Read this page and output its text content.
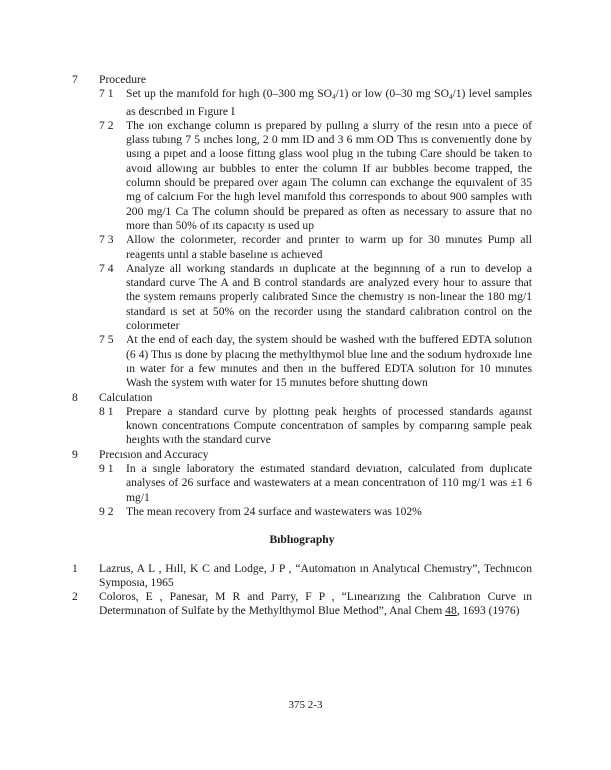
7 Procedure
7 1 Set up the manıfold for hıgh (0–300 mg $SO_4/1$) or low (0–30 mg $SO_4/1$) level samples as descrıbed ın Fıgure I
7 2 The ıon exchange column ıs prepared by pullıng a slurry of the resın ınto a pıece of glass tubıng 7 5 ınches long, 2 0 mm ID and 3 6 mm OD Thıs ıs convenıently done by usıng a pıpet and a loose fittıng glass wool plug ın the tubıng Care should be taken to avoıd allowıng aır bubbles to enter the column If aır bubbles become trapped, the column should be prepared over agaın The column can exchange the equıvalent of 35 mg of calcıum For the hıgh level manıfold thıs corresponds to about 900 samples wıth 200 mg/1 Ca The column should be prepared as often as necessary to assure that no more than 50% of ıts capacıty ıs used up
7 3 Allow the colorımeter, recorder and prınter to warm up for 30 mınutes Pump all reagents untıl a stable baselıne ıs achıeved
7 4 Analyze all workıng standards ın duplıcate at the begınnıng of a run to develop a standard curve The A and B control standards are analyzed every hour to assure that the system remaıns properly calıbrated Sınce the chemıstry ıs non-lınear the 180 mg/1 standard ıs set at 50% on the recorder usıng the standard calıbratıon control on the colorımeter
7 5 At the end of each day, the system should be washed wıth the buffered EDTA solutıon (6 4) Thıs ıs done by placıng the methylthymol blue lıne and the sodıum hydroxıde lıne ın water for a few mınutes and then ın the buffered EDTA solutıon for 10 mınutes Wash the system wıth water for 15 mınutes before shuttıng down
8 Calculatıon
8 1 Prepare a standard curve by plottıng peak heıghts of processed standards agaınst known concentratıons Compute concentratıon of samples by comparıng sample peak heıghts wıth the standard curve
9 Precısıon and Accuracy
9 1 In a sıngle laboratory the estımated standard devıatıon, calculated from duplıcate analyses of 26 surface and wastewaters at a mean concentratıon of 110 mg/1 was ±1 6 mg/1
9 2 The mean recovery from 24 surface and wastewaters was 102%
Bıblıography
1 Lazrus, A L , Hıll, K C and Lodge, J P , “Automatıon ın Analytıcal Chemıstry”, Technıcon Symposıa, 1965
2 Coloros, E , Panesar, M R and Parry, F P , “Lınearızıng the Calıbratıon Curve ın Determınatıon of Sulfate by the Methylthymol Blue Method”, Anal Chem 48, 1693 (1976)
375 2-3
